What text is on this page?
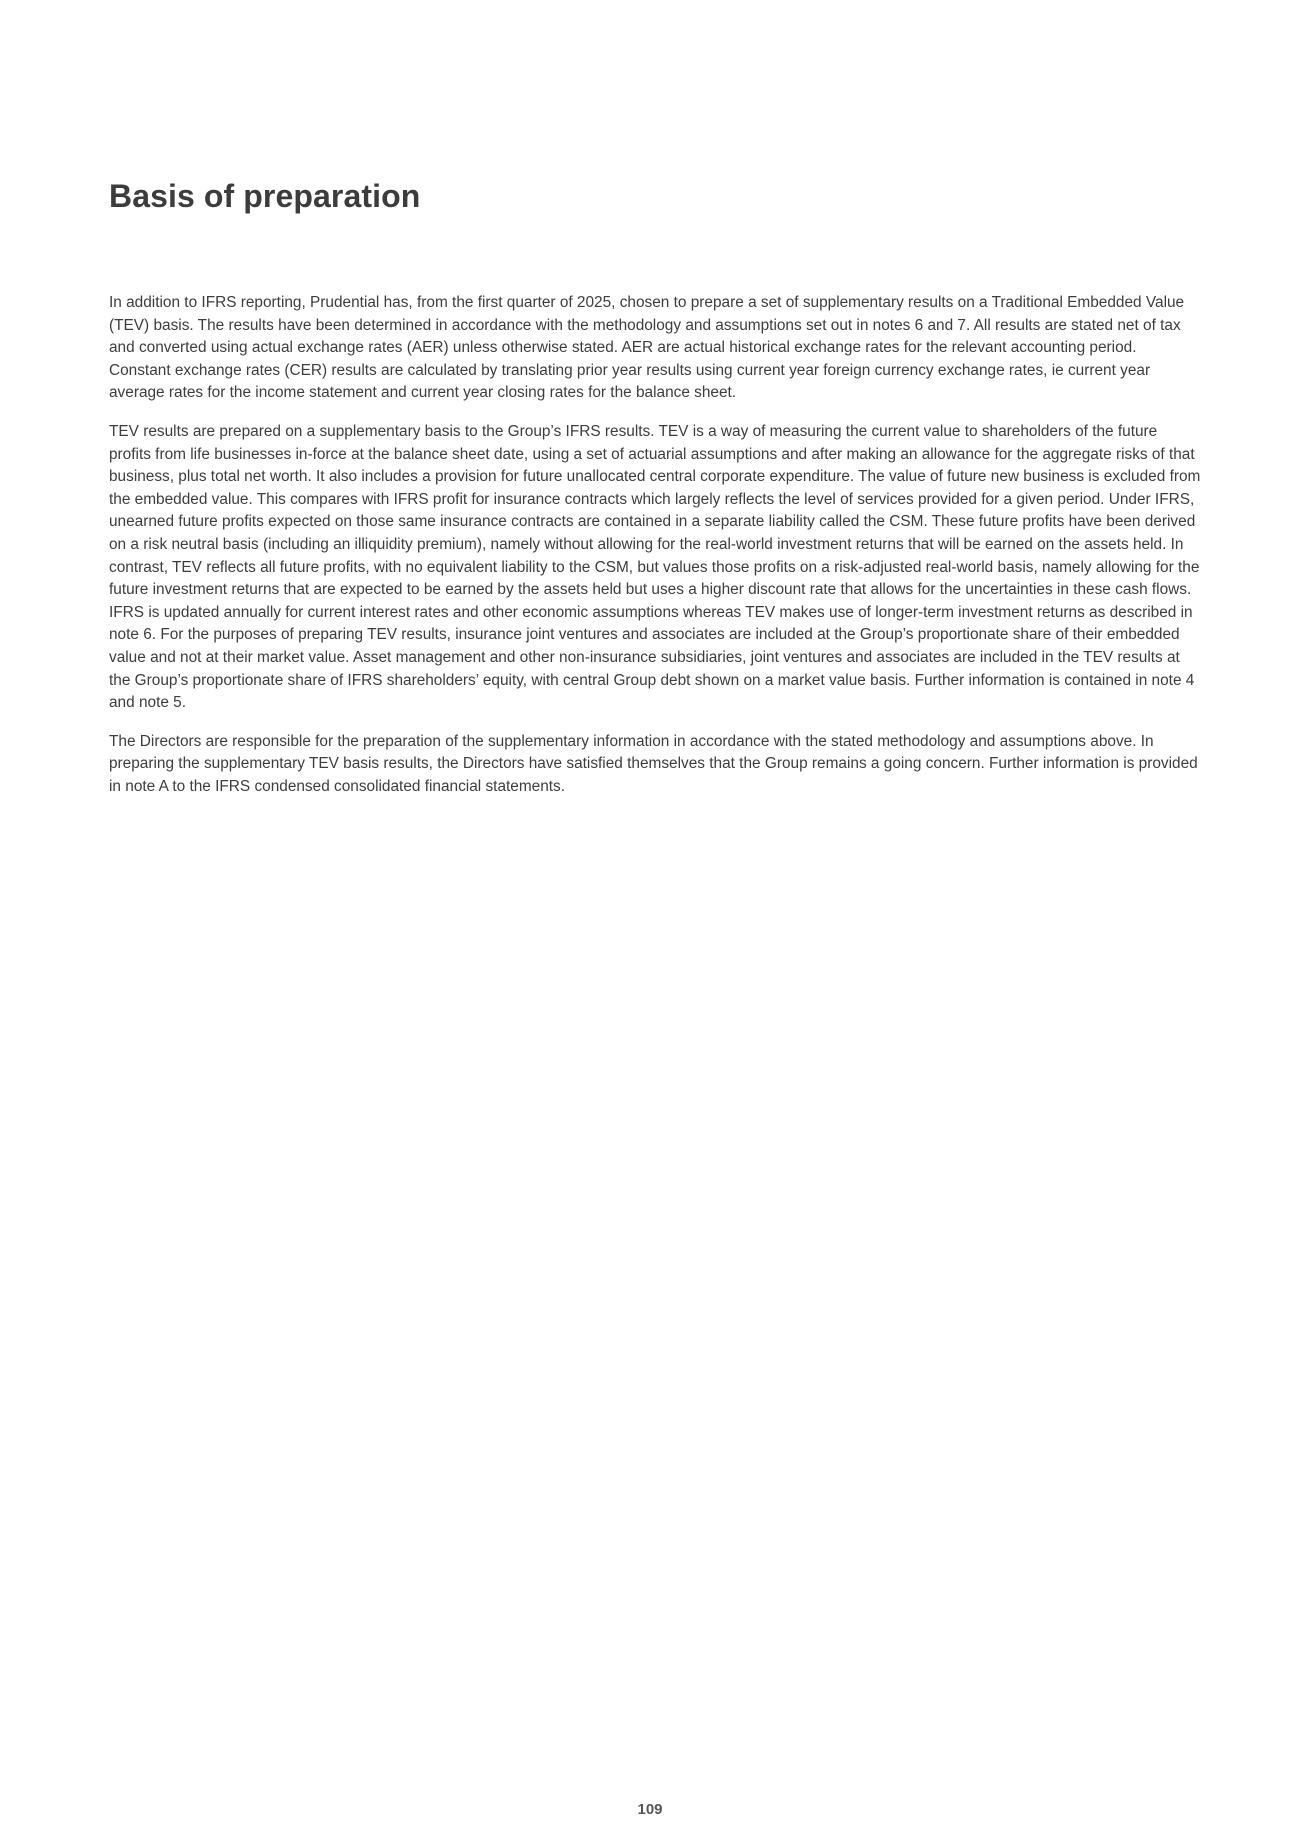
Basis of preparation

In addition to IFRS reporting, Prudential has, from the first quarter of 2025, chosen to prepare a set of supplementary results on a Traditional Embedded Value (TEV) basis. The results have been determined in accordance with the methodology and assumptions set out in notes 6 and 7. All results are stated net of tax and converted using actual exchange rates (AER) unless otherwise stated. AER are actual historical exchange rates for the relevant accounting period. Constant exchange rates (CER) results are calculated by translating prior year results using current year foreign currency exchange rates, ie current year average rates for the income statement and current year closing rates for the balance sheet.

TEV results are prepared on a supplementary basis to the Group’s IFRS results. TEV is a way of measuring the current value to shareholders of the future profits from life businesses in-force at the balance sheet date, using a set of actuarial assumptions and after making an allowance for the aggregate risks of that business, plus total net worth. It also includes a provision for future unallocated central corporate expenditure. The value of future new business is excluded from the embedded value. This compares with IFRS profit for insurance contracts which largely reflects the level of services provided for a given period. Under IFRS, unearned future profits expected on those same insurance contracts are contained in a separate liability called the CSM. These future profits have been derived on a risk neutral basis (including an illiquidity premium), namely without allowing for the real-world investment returns that will be earned on the assets held. In contrast, TEV reflects all future profits, with no equivalent liability to the CSM, but values those profits on a risk-adjusted real-world basis, namely allowing for the future investment returns that are expected to be earned by the assets held but uses a higher discount rate that allows for the uncertainties in these cash flows. IFRS is updated annually for current interest rates and other economic assumptions whereas TEV makes use of longer-term investment returns as described in note 6. For the purposes of preparing TEV results, insurance joint ventures and associates are included at the Group’s proportionate share of their embedded value and not at their market value. Asset management and other non-insurance subsidiaries, joint ventures and associates are included in the TEV results at the Group’s proportionate share of IFRS shareholders’ equity, with central Group debt shown on a market value basis. Further information is contained in note 4 and note 5.

The Directors are responsible for the preparation of the supplementary information in accordance with the stated methodology and assumptions above. In preparing the supplementary TEV basis results, the Directors have satisfied themselves that the Group remains a going concern. Further information is provided in note A to the IFRS condensed consolidated financial statements.

109
